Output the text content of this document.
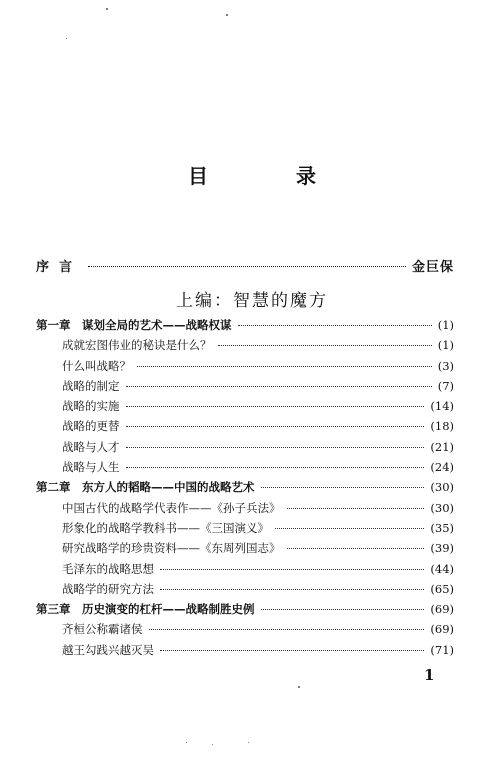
目　录
序言	金巨保
上编：智慧的魔方
第一章　谋划全局的艺术——战略权谋	(1)
成就宏图伟业的秘诀是什么？	(1)
什么叫战略？	(3)
战略的制定	(7)
战略的实施	(14)
战略的更替	(18)
战略与人才	(21)
战略与人生	(24)
第二章　东方人的韬略——中国的战略艺术	(30)
中国古代的战略学代表作——《孙子兵法》	(30)
形象化的战略学教科书——《三国演义》	(35)
研究战略学的珍贵资料——《东周列国志》	(39)
毛泽东的战略思想	(44)
战略学的研究方法	(65)
第三章　历史演变的杠杆——战略制胜史例	(69)
齐桓公称霸诸侯	(69)
越王勾践兴越灭吴	(71)
1
